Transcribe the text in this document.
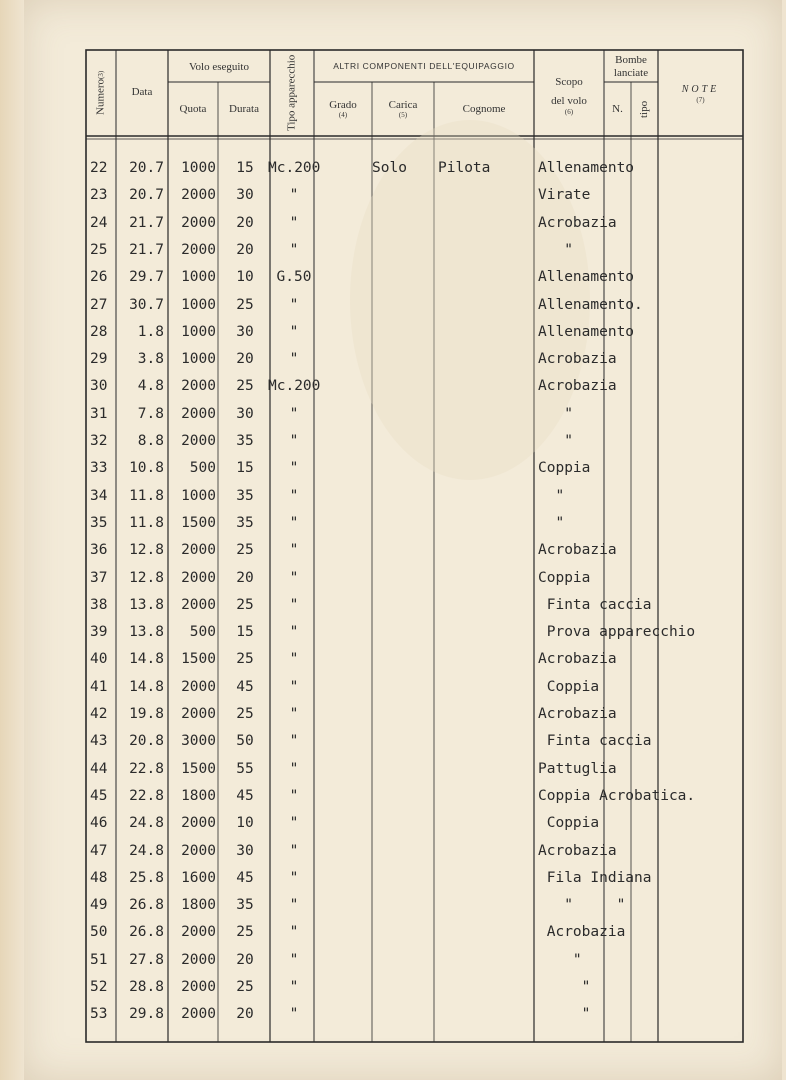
Numero
(3)
Data
Volo eseguito
Quota	Durata	Tipo apparecchio	ALTRI COMPONENTI DELL'EQUIPAGGIO
Grado
(4)
Carica
(5)
Cognome
Scopo
del volo
(6)
Bombe
lanciate
N.	tipo
NOTE
(7)
22	20.7	1000	15 Mc.200	Solo Pilota	Allenamento
23	20.7	2000	30	"	Virate
24	21.7	2000	20	"	Acrobazia
25	21.7	2000	20	"	"
26	29.7	1000	10	G.50	Allenamento
27	30.7	1000	25	"	Allenamento.
28	1.8	1000	30	"	Allenamento
29	3.8	1000	20	"	Acrobazia
30	4.8	2000	25 Mc.200	Acrobazia
31	7.8	2000	30	"	"
32	8.8	2000	35	"	"
33	10.8	500	15	"	Coppia
34	11.8	1000	35	"	"
35	11.8	1500	35	"	"
36	12.8	2000	25	"	Acrobazia
37	12.8	2000	20	"	Coppia
38	13.8	2000	25	"	Finta caccia
39	13.8	500	15	"	Prova apparecchio
40	14.8	1500	25	"	Acrobazia
41	14.8	2000	45	"	Coppia
42	19.8	2000	25	"	Acrobazia
43	20.8	3000	50	"	Finta caccia
44	22.8	1500	55	"	Pattuglia
45	22.8	1800	45	"	Coppia Acrobatica.
46	24.8	2000	10	"	Coppia
47	24.8	2000	30	"	Acrobazia
48	25.8	1600	45	"	Fila Indiana
49	26.8	1800	35	"	"	"
50	26.8	2000	25	"	Acrobazia
51	27.8	2000	20	"	"
52	28.8	2000	25	"	"
53	29.8	2000	20	"	"
